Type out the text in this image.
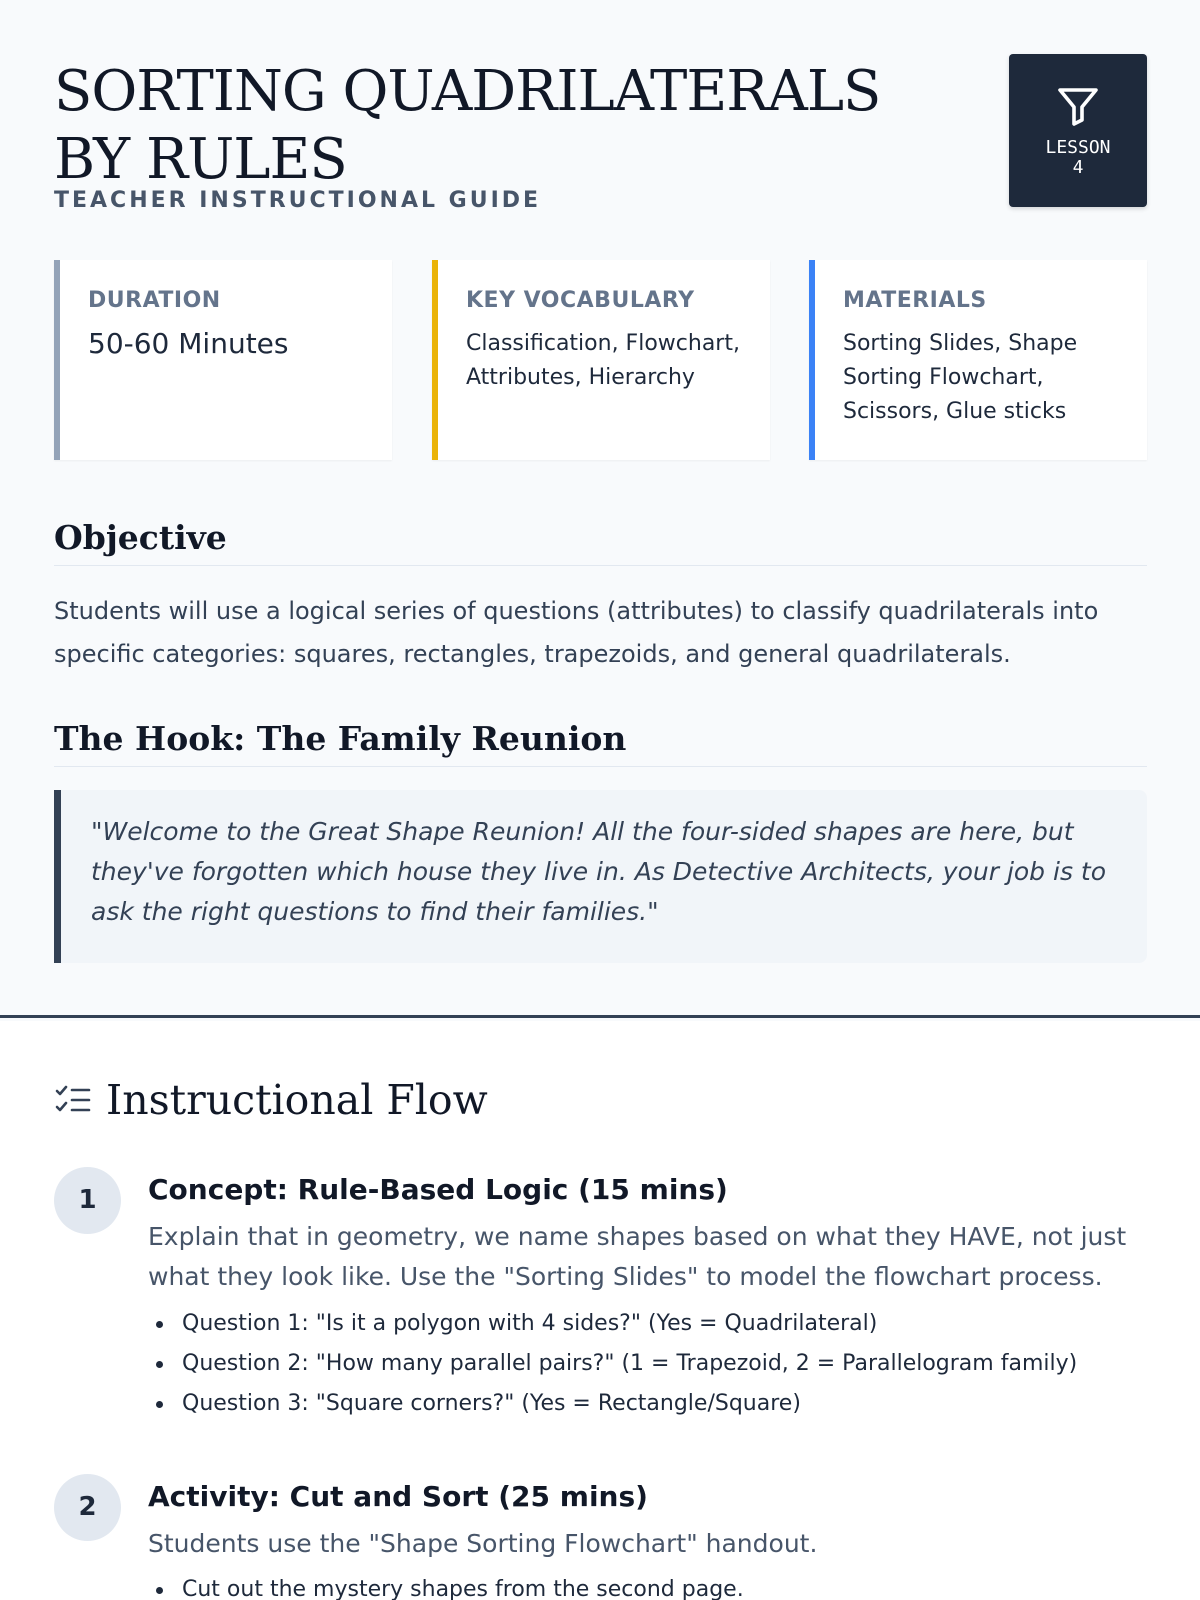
SORTING QUADRILATERALS BY RULES
TEACHER INSTRUCTIONAL GUIDE
LESSON
4
DURATION
50-60 Minutes
KEY VOCABULARY
Classification, Flowchart, Attributes, Hierarchy
MATERIALS
Sorting Slides, Shape Sorting Flowchart, Scissors, Glue sticks
Objective

Students will use a logical series of questions (attributes) to classify quadrilaterals into specific categories: squares, rectangles, trapezoids, and general quadrilaterals.

The Hook: The Family Reunion
"Welcome to the Great Shape Reunion! All the four-sided shapes are here, but they've forgotten which house they live in. As Detective Architects, your job is to ask the right questions to find their families."
Instructional Flow
1	Concept: Rule-Based Logic (15 mins)
Explain that in geometry, we name shapes based on what they HAVE, not just what they look like. Use the "Sorting Slides" to model the flowchart process.
Question 1: "Is it a polygon with 4 sides?" (Yes = Quadrilateral)
Question 2: "How many parallel pairs?" (1 = Trapezoid, 2 = Parallelogram family)
Question 3: "Square corners?" (Yes = Rectangle/Square)
2	Activity: Cut and Sort (25 mins)
Students use the "Shape Sorting Flowchart" handout.
Cut out the mystery shapes from the second page.
